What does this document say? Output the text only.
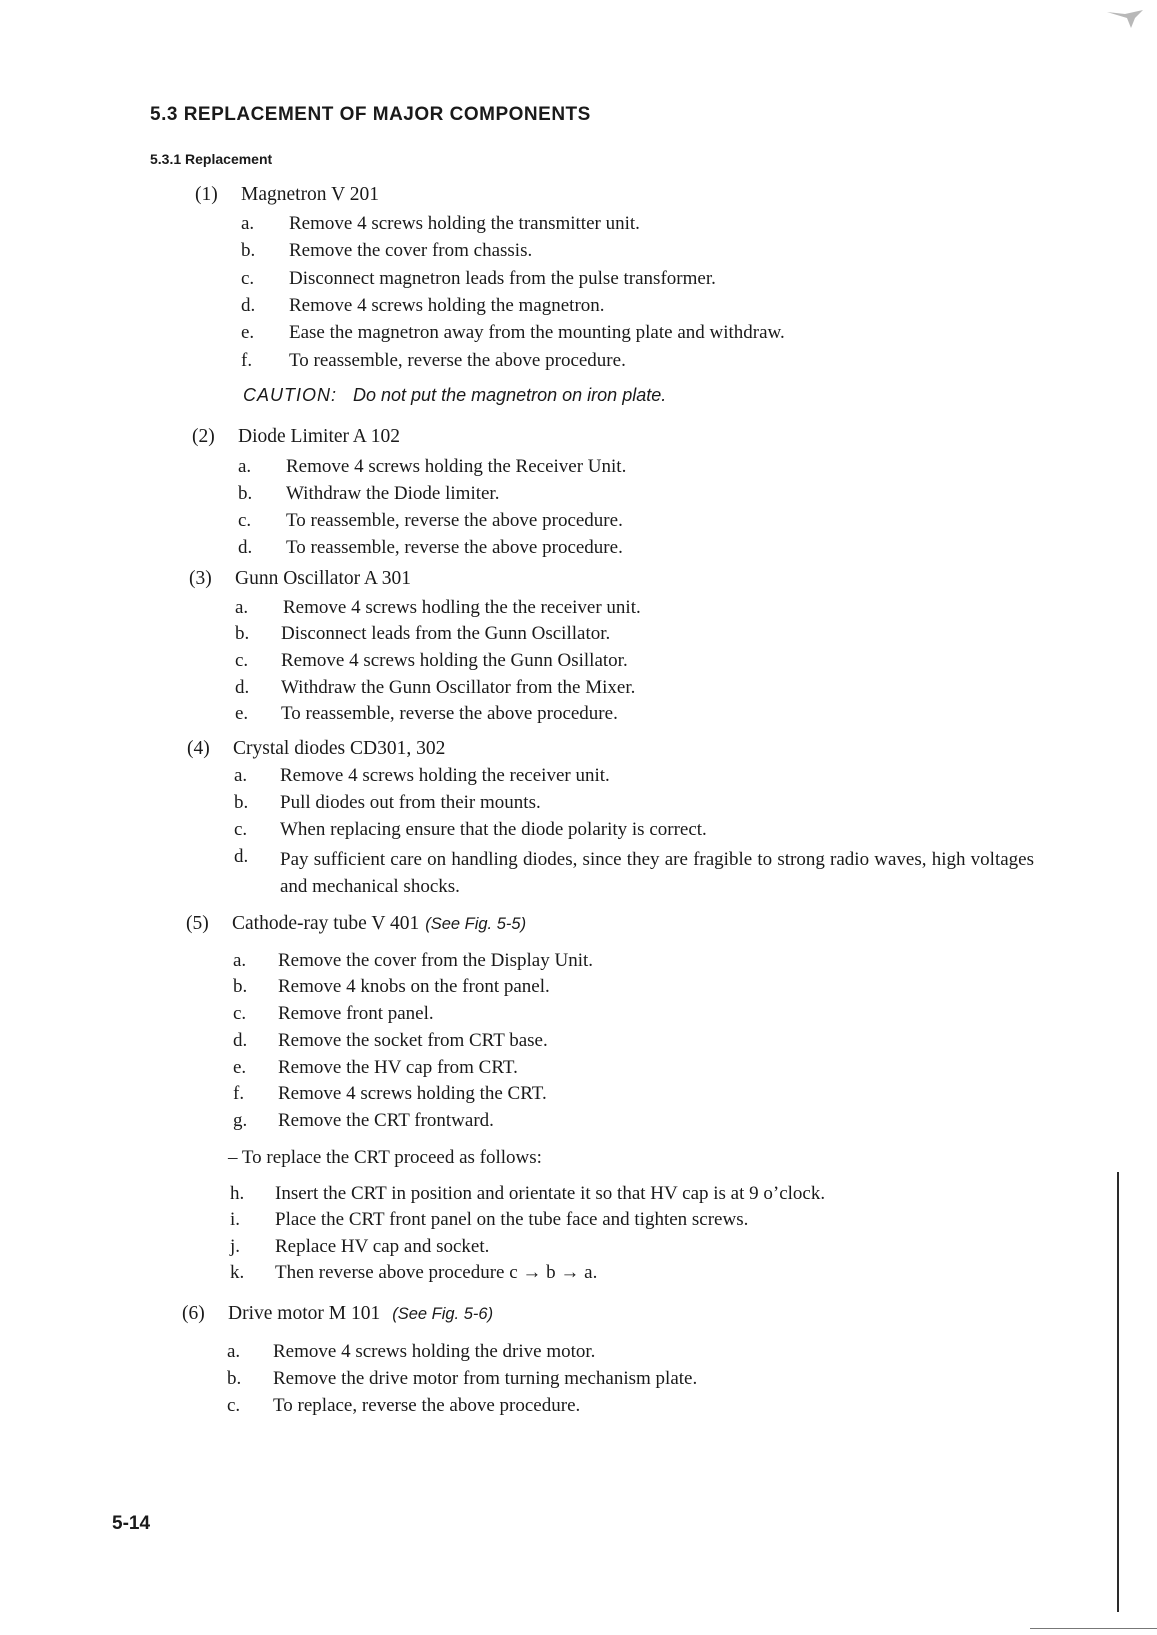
5.3 REPLACEMENT OF MAJOR COMPONENTS
5.3.1 Replacement
(1) Magnetron V 201
a. Remove 4 screws holding the transmitter unit.
b. Remove the cover from chassis.
c. Disconnect magnetron leads from the pulse transformer.
d. Remove 4 screws holding the magnetron.
e. Ease the magnetron away from the mounting plate and withdraw.
f. To reassemble, reverse the above procedure.
CAUTION: Do not put the magnetron on iron plate.
(2) Diode Limiter A 102
a. Remove 4 screws holding the Receiver Unit.
b. Withdraw the Diode limiter.
c. To reassemble, reverse the above procedure.
d. To reassemble, reverse the above procedure.
(3) Gunn Oscillator A 301
a. Remove 4 screws hodling the the receiver unit.
b. Disconnect leads from the Gunn Oscillator.
c. Remove 4 screws holding the Gunn Osillator.
d. Withdraw the Gunn Oscillator from the Mixer.
e. To reassemble, reverse the above procedure.
(4) Crystal diodes CD301, 302
a. Remove 4 screws holding the receiver unit.
b. Pull diodes out from their mounts.
c. When replacing ensure that the diode polarity is correct.
d. Pay sufficient care on handling diodes, since they are fragible to strong radio waves, high voltages and mechanical shocks.
(5) Cathode-ray tube V 401 (See Fig. 5-5)
a. Remove the cover from the Display Unit.
b. Remove 4 knobs on the front panel.
c. Remove front panel.
d. Remove the socket from CRT base.
e. Remove the HV cap from CRT.
f. Remove 4 screws holding the CRT.
g. Remove the CRT frontward.
– To replace the CRT proceed as follows:
h. Insert the CRT in position and orientate it so that HV cap is at 9 o’clock.
i. Place the CRT front panel on the tube face and tighten screws.
j. Replace HV cap and socket.
k. Then reverse above procedure c → b → a.
(6) Drive motor M 101 (See Fig. 5-6)
a. Remove 4 screws holding the drive motor.
b. Remove the drive motor from turning mechanism plate.
c. To replace, reverse the above procedure.
5-14
